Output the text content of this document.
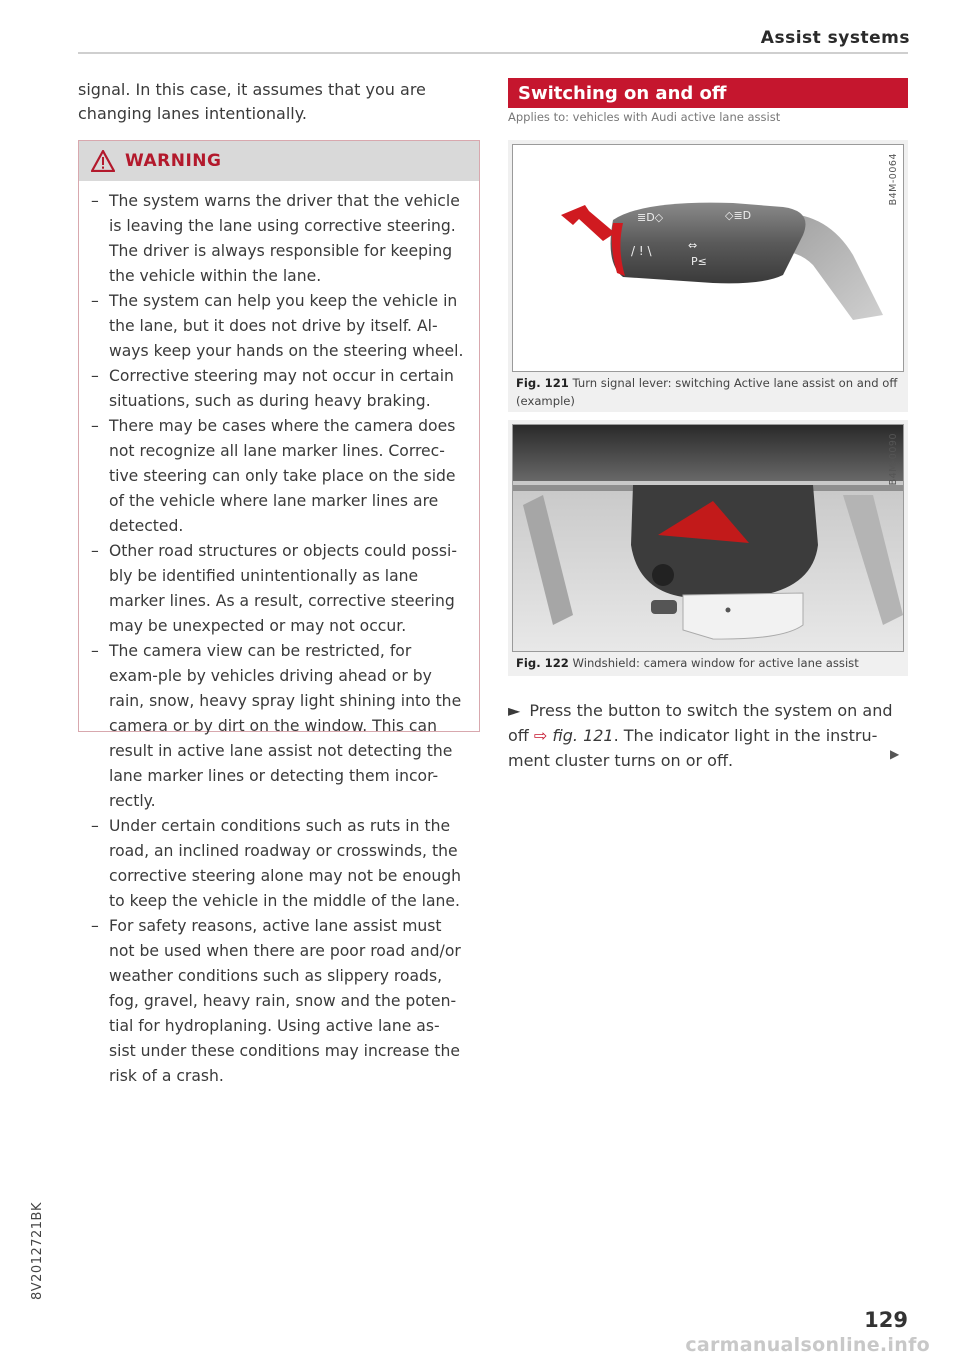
Assist systems
signal. In this case, it assumes that you are changing lanes intentionally.
WARNING
– The system warns the driver that the vehicle is leaving the lane using corrective steering. The driver is always responsible for keeping the vehicle within the lane.
– The system can help you keep the vehicle in the lane, but it does not drive by itself. Al-ways keep your hands on the steering wheel.
– Corrective steering may not occur in certain situations, such as during heavy braking.
– There may be cases where the camera does not recognize all lane marker lines. Correc-tive steering can only take place on the side of the vehicle where lane marker lines are detected.
– Other road structures or objects could possi-bly be identified unintentionally as lane marker lines. As a result, corrective steering may be unexpected or may not occur.
– The camera view can be restricted, for exam-ple by vehicles driving ahead or by rain, snow, heavy spray light shining into the camera or by dirt on the window. This can result in active lane assist not detecting the lane marker lines or detecting them incor-rectly.
– Under certain conditions such as ruts in the road, an inclined roadway or crosswinds, the corrective steering alone may not be enough to keep the vehicle in the middle of the lane.
– For safety reasons, active lane assist must not be used when there are poor road and/or weather conditions such as slippery roads, fog, gravel, heavy rain, snow and the poten-tial for hydroplaning. Using active lane as-sist under these conditions may increase the risk of a crash.
Switching on and off
Applies to: vehicles with Audi active lane assist
≣D◇	◇≣D
/ ! \	⇔
P≤
B4M-0064
Fig. 121 Turn signal lever: switching Active lane assist on and off (example)
B4M-0090
Fig. 122 Windshield: camera window for active lane assist
► Press the button to switch the system on and off ⇨ fig. 121. The indicator light in the instru-ment cluster turns on or off.	▶
8V2012721BK
129
carmanualsonline.info
